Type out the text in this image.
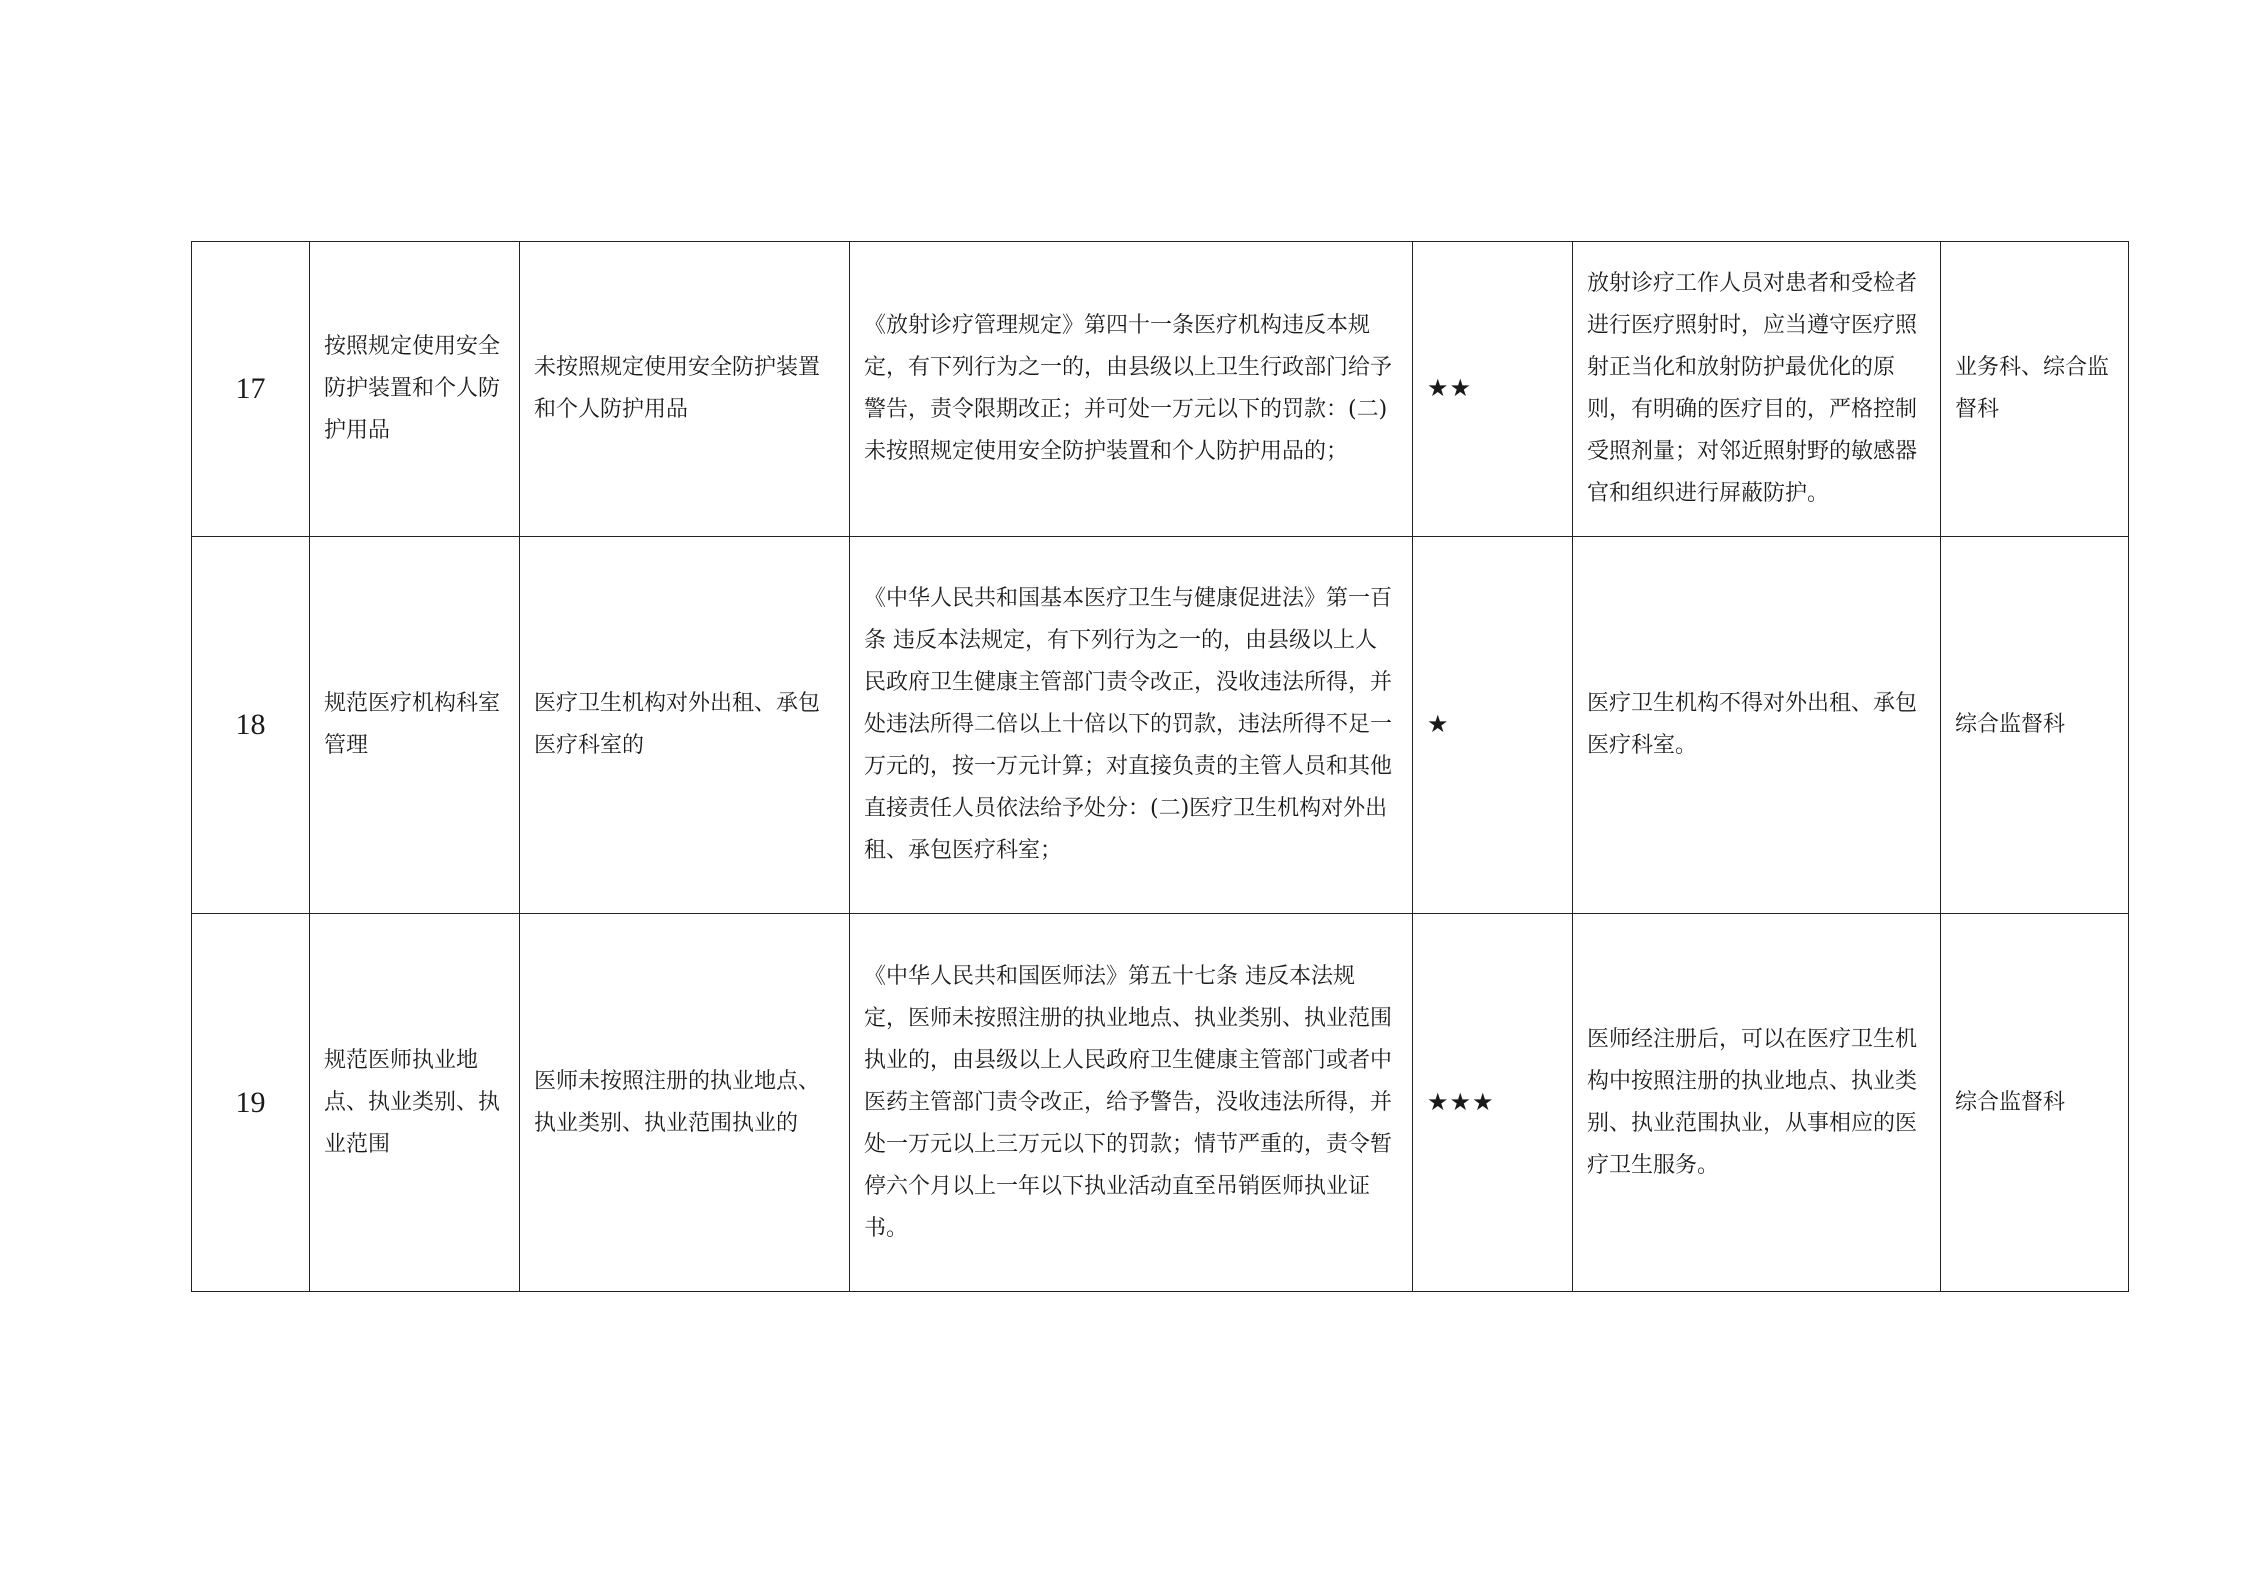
17	按照规定使用安全防护装置和个人防护用品	未按照规定使用安全防护装置和个人防护用品	《放射诊疗管理规定》第四十一条医疗机构违反本规定，有下列行为之一的，由县级以上卫生行政部门给予警告，责令限期改正；并可处一万元以下的罚款：(二)未按照规定使用安全防护装置和个人防护用品的；	★★	放射诊疗工作人员对患者和受检者进行医疗照射时，应当遵守医疗照射正当化和放射防护最优化的原则，有明确的医疗目的，严格控制受照剂量；对邻近照射野的敏感器官和组织进行屏蔽防护。	业务科、综合监督科
18	规范医疗机构科室管理	医疗卫生机构对外出租、承包医疗科室的	《中华人民共和国基本医疗卫生与健康促进法》第一百条 违反本法规定，有下列行为之一的，由县级以上人民政府卫生健康主管部门责令改正，没收违法所得，并处违法所得二倍以上十倍以下的罚款，违法所得不足一万元的，按一万元计算；对直接负责的主管人员和其他直接责任人员依法给予处分：(二)医疗卫生机构对外出租、承包医疗科室；	★	医疗卫生机构不得对外出租、承包医疗科室。	综合监督科
19	规范医师执业地点、执业类别、执业范围	医师未按照注册的执业地点、执业类别、执业范围执业的	《中华人民共和国医师法》第五十七条 违反本法规定，医师未按照注册的执业地点、执业类别、执业范围执业的，由县级以上人民政府卫生健康主管部门或者中医药主管部门责令改正，给予警告，没收违法所得，并处一万元以上三万元以下的罚款；情节严重的，责令暂停六个月以上一年以下执业活动直至吊销医师执业证书。	★★★	医师经注册后，可以在医疗卫生机构中按照注册的执业地点、执业类别、执业范围执业，从事相应的医疗卫生服务。	综合监督科
